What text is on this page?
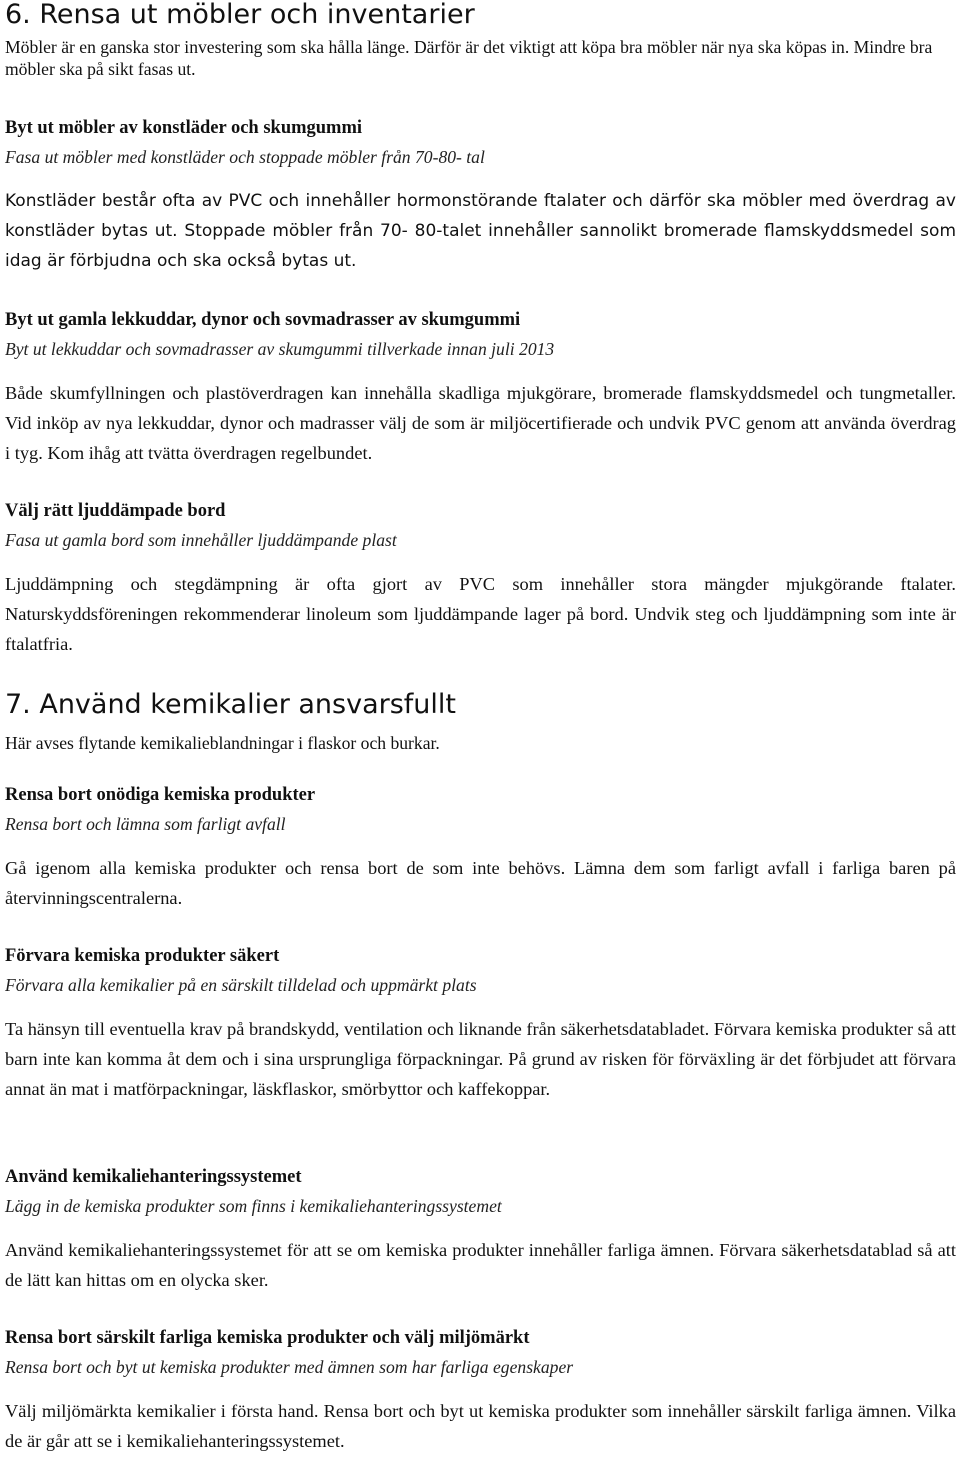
6. Rensa ut möbler och inventarier

Möbler är en ganska stor investering som ska hålla länge. Därför är det viktigt att köpa bra möbler när nya ska köpas in. Mindre bra möbler ska på sikt fasas ut.

Byt ut möbler av konstläder och skumgummi

Fasa ut möbler med konstläder och stoppade möbler från 70-80- tal

Konstläder består ofta av PVC och innehåller hormonstörande ftalater och därför ska möbler med överdrag av konstläder bytas ut. Stoppade möbler från 70- 80-talet innehåller sannolikt bromerade flamskyddsmedel som idag är förbjudna och ska också bytas ut.

Byt ut gamla lekkuddar, dynor och sovmadrasser av skumgummi

Byt ut lekkuddar och sovmadrasser av skumgummi tillverkade innan juli 2013

Både skumfyllningen och plastöverdragen kan innehålla skadliga mjukgörare, bromerade flamskyddsmedel och tungmetaller. Vid inköp av nya lekkuddar, dynor och madrasser välj de som är miljöcertifierade och undvik PVC genom att använda överdrag i tyg. Kom ihåg att tvätta överdragen regelbundet.

Välj rätt ljuddämpade bord

Fasa ut gamla bord som innehåller ljuddämpande plast

Ljuddämpning och stegdämpning är ofta gjort av PVC som innehåller stora mängder mjukgörande ftalater. Naturskyddsföreningen rekommenderar linoleum som ljuddämpande lager på bord. Undvik steg och ljuddämpning som inte är ftalatfria.

7. Använd kemikalier ansvarsfullt

Här avses flytande kemikalieblandningar i flaskor och burkar.

Rensa bort onödiga kemiska produkter

Rensa bort och lämna som farligt avfall

Gå igenom alla kemiska produkter och rensa bort de som inte behövs. Lämna dem som farligt avfall i farliga baren på återvinningscentralerna.

Förvara kemiska produkter säkert

Förvara alla kemikalier på en särskilt tilldelad och uppmärkt plats

Ta hänsyn till eventuella krav på brandskydd, ventilation och liknande från säkerhetsdatabladet. Förvara kemiska produkter så att barn inte kan komma åt dem och i sina ursprungliga förpackningar. På grund av risken för förväxling är det förbjudet att förvara annat än mat i matförpackningar, läskflaskor, smörbyttor och kaffekoppar.

Använd kemikaliehanteringssystemet

Lägg in de kemiska produkter som finns i kemikaliehanteringssystemet

Använd kemikaliehanteringssystemet för att se om kemiska produkter innehåller farliga ämnen. Förvara säkerhetsdatablad så att de lätt kan hittas om en olycka sker.

Rensa bort särskilt farliga kemiska produkter och välj miljömärkt

Rensa bort och byt ut kemiska produkter med ämnen som har farliga egenskaper

Välj miljömärkta kemikalier i första hand. Rensa bort och byt ut kemiska produkter som innehåller särskilt farliga ämnen. Vilka de är går att se i kemikaliehanteringssystemet.
